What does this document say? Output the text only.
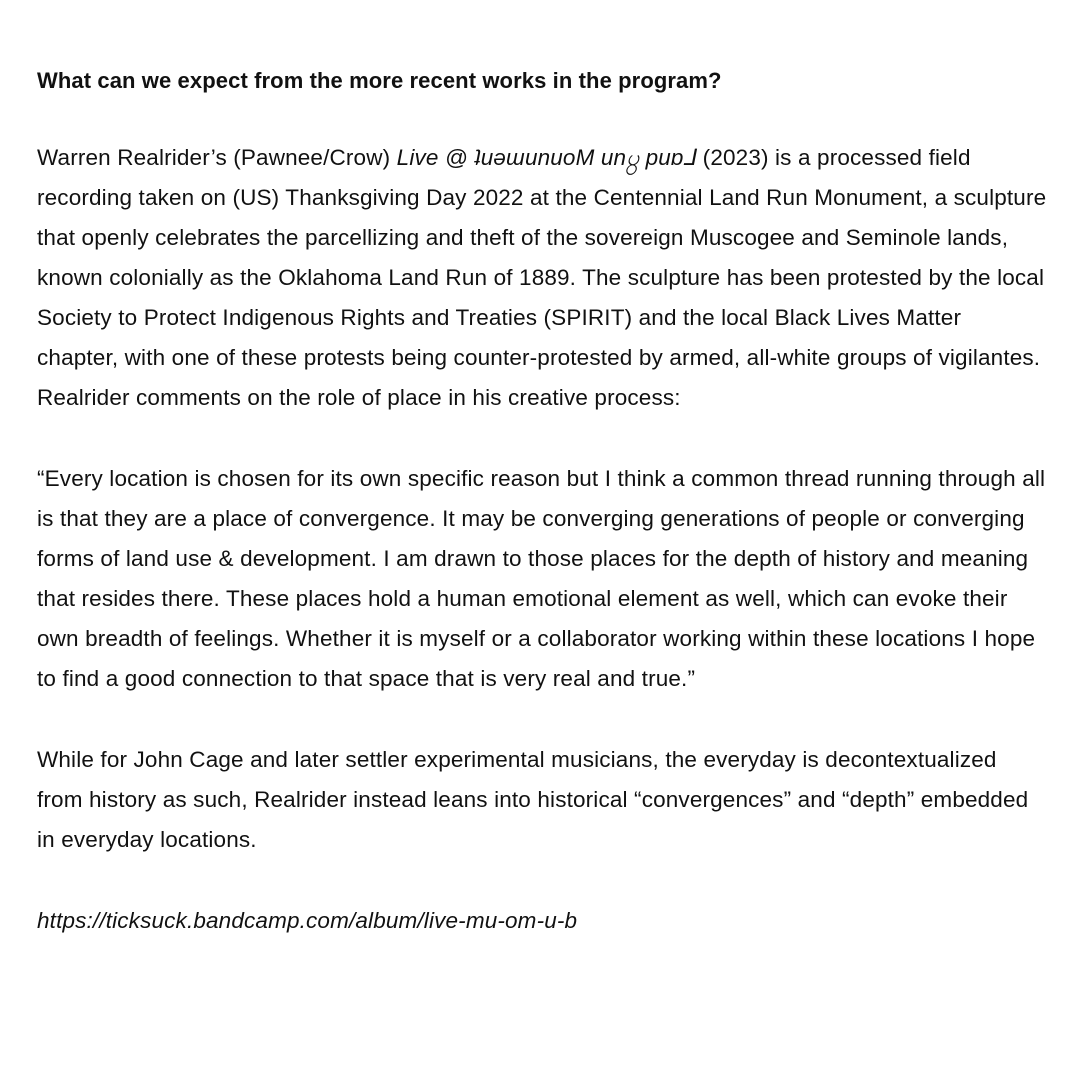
What can we expect from the more recent works in the program?

Warren Realrider’s (Pawnee/Crow) Live @ ʇuǝɯunuoM un႘ puɒ⅃ (2023) is a processed field recording taken on (US) Thanksgiving Day 2022 at the Centennial Land Run Monument, a sculpture that openly celebrates the parcellizing and theft of the sovereign Muscogee and Seminole lands, known colonially as the Oklahoma Land Run of 1889. The sculpture has been protested by the local Society to Protect Indigenous Rights and Treaties (SPIRIT) and the local Black Lives Matter chapter, with one of these protests being counter-protested by armed, all-white groups of vigilantes. Realrider comments on the role of place in his creative process:

“Every location is chosen for its own specific reason but I think a common thread running through all is that they are a place of convergence. It may be converging generations of people or converging forms of land use & development. I am drawn to those places for the depth of history and meaning that resides there. These places hold a human emotional element as well, which can evoke their own breadth of feelings. Whether it is myself or a collaborator working within these locations I hope to find a good connection to that space that is very real and true.”

While for John Cage and later settler experimental musicians, the everyday is decontextualized from history as such, Realrider instead leans into historical “convergences” and “depth” embedded in everyday locations.

https://ticksuck.bandcamp.com/album/live-mu-om-u-b
